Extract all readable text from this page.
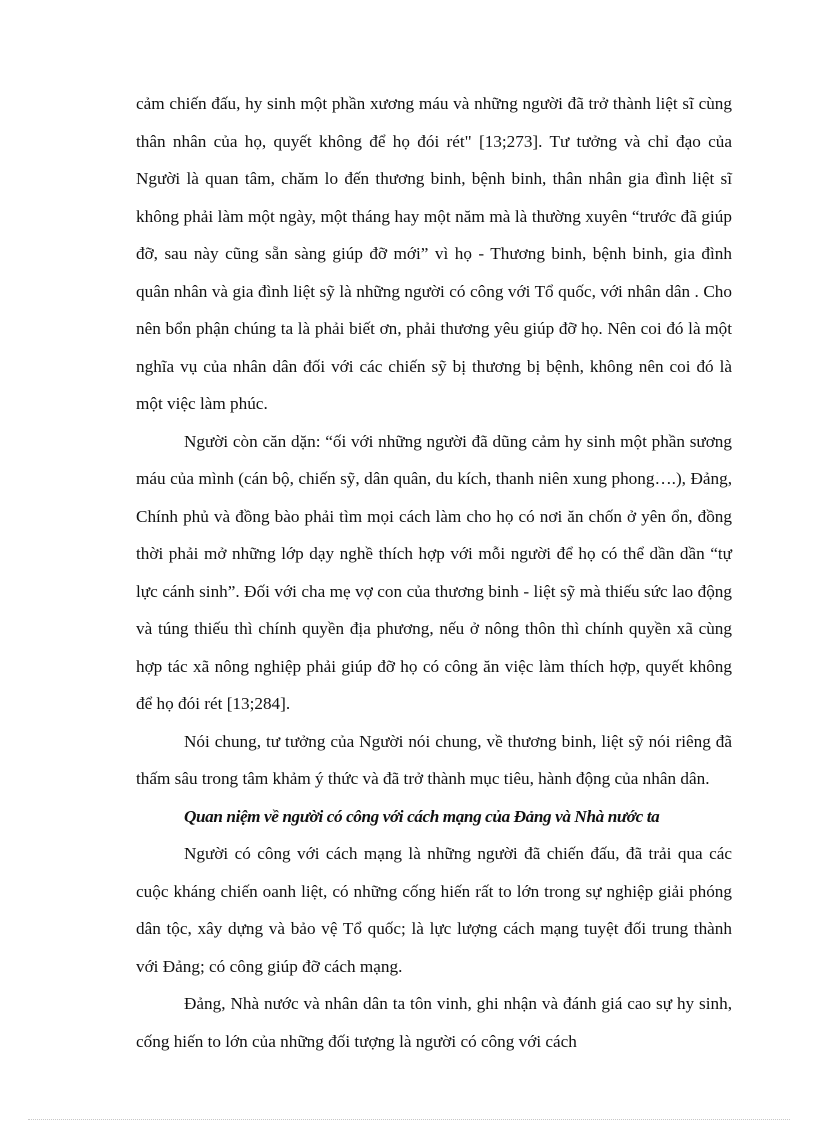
cảm chiến đấu, hy sinh một phần xương máu và những người đã trở thành liệt sĩ cùng thân nhân của họ, quyết không để họ đói rét" [13;273]. Tư tưởng và chỉ đạo của Người là quan tâm, chăm lo đến thương binh, bệnh binh, thân nhân gia đình liệt sĩ không phải làm một ngày, một tháng hay một năm mà là thường xuyên “trước đã giúp đỡ, sau này cũng sẵn sàng giúp đỡ mới” vì họ - Thương binh, bệnh binh, gia đình quân nhân và gia đình liệt sỹ là những người có công với Tổ quốc, với nhân dân . Cho nên bổn phận chúng ta là phải biết ơn, phải thương yêu giúp đỡ họ. Nên coi đó là một nghĩa vụ của nhân dân đối với các chiến sỹ bị thương bị bệnh, không nên coi đó là một việc làm phúc.

Người còn căn dặn: “ối với những người đã dũng cảm hy sinh một phần sương máu của mình (cán bộ, chiến sỹ, dân quân, du kích, thanh niên xung phong….), Đảng, Chính phủ và đồng bào phải tìm mọi cách làm cho họ có nơi ăn chốn ở yên ổn, đồng thời phải mở những lớp dạy nghề thích hợp với mỗi người để họ có thể dần dần “tự lực cánh sinh”. Đối với cha mẹ vợ con của thương binh - liệt sỹ mà thiếu sức lao động và túng thiếu thì chính quyền địa phương, nếu ở nông thôn thì chính quyền xã cùng hợp tác xã nông nghiệp phải giúp đỡ họ có công ăn việc làm thích hợp, quyết không để họ đói rét [13;284].

Nói chung, tư tưởng của Người nói chung, về thương binh, liệt sỹ nói riêng đã thấm sâu trong tâm khảm ý thức và đã trở thành mục tiêu, hành động của nhân dân.

Quan niệm về người có công với cách mạng của Đảng và Nhà nước ta

Người có công với cách mạng là những người đã chiến đấu, đã trải qua các cuộc kháng chiến oanh liệt, có những cống hiến rất to lớn trong sự nghiệp giải phóng dân tộc, xây dựng và bảo vệ Tổ quốc; là lực lượng cách mạng tuyệt đối trung thành với Đảng; có công giúp đỡ cách mạng.

Đảng, Nhà nước và nhân dân ta tôn vinh, ghi nhận và đánh giá cao sự hy sinh, cống hiến to lớn của những đối tượng là người có công với cách
